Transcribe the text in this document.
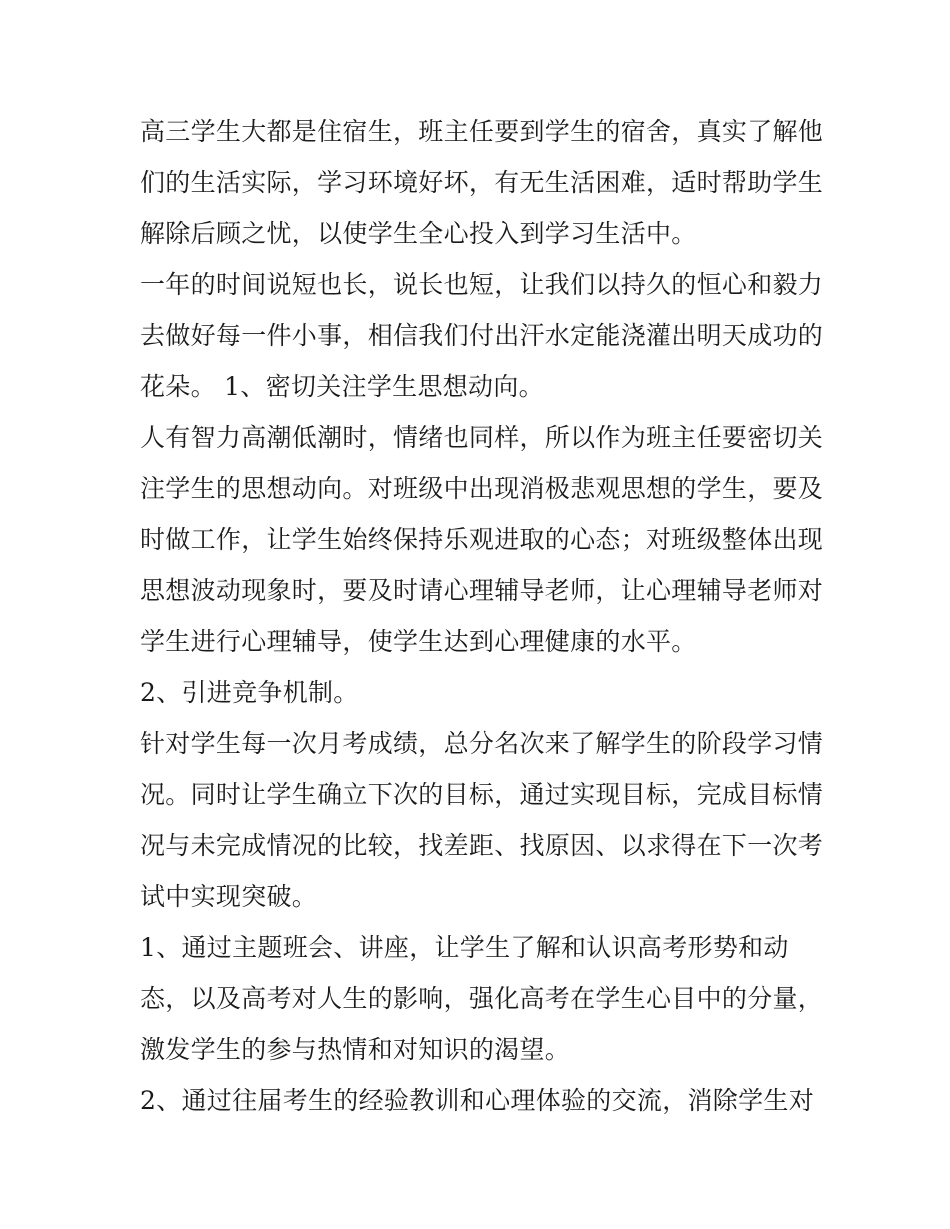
高三学生大都是住宿生，班主任要到学生的宿舍，真实了解他
们的生活实际，学习环境好坏，有无生活困难，适时帮助学生
解除后顾之忧，以使学生全心投入到学习生活中。
一年的时间说短也长，说长也短，让我们以持久的恒心和毅力
去做好每一件小事，相信我们付出汗水定能浇灌出明天成功的
花朵。 1、密切关注学生思想动向。
人有智力高潮低潮时，情绪也同样，所以作为班主任要密切关
注学生的思想动向。对班级中出现消极悲观思想的学生，要及
时做工作，让学生始终保持乐观进取的心态；对班级整体出现
思想波动现象时，要及时请心理辅导老师，让心理辅导老师对
学生进行心理辅导，使学生达到心理健康的水平。
2、引进竞争机制。
针对学生每一次月考成绩，总分名次来了解学生的阶段学习情
况。同时让学生确立下次的目标，通过实现目标，完成目标情
况与未完成情况的比较，找差距、找原因、以求得在下一次考
试中实现突破。
1、通过主题班会、讲座，让学生了解和认识高考形势和动
态，以及高考对人生的影响，强化高考在学生心目中的分量，
激发学生的参与热情和对知识的渴望。
2、通过往届考生的经验教训和心理体验的交流，消除学生对
